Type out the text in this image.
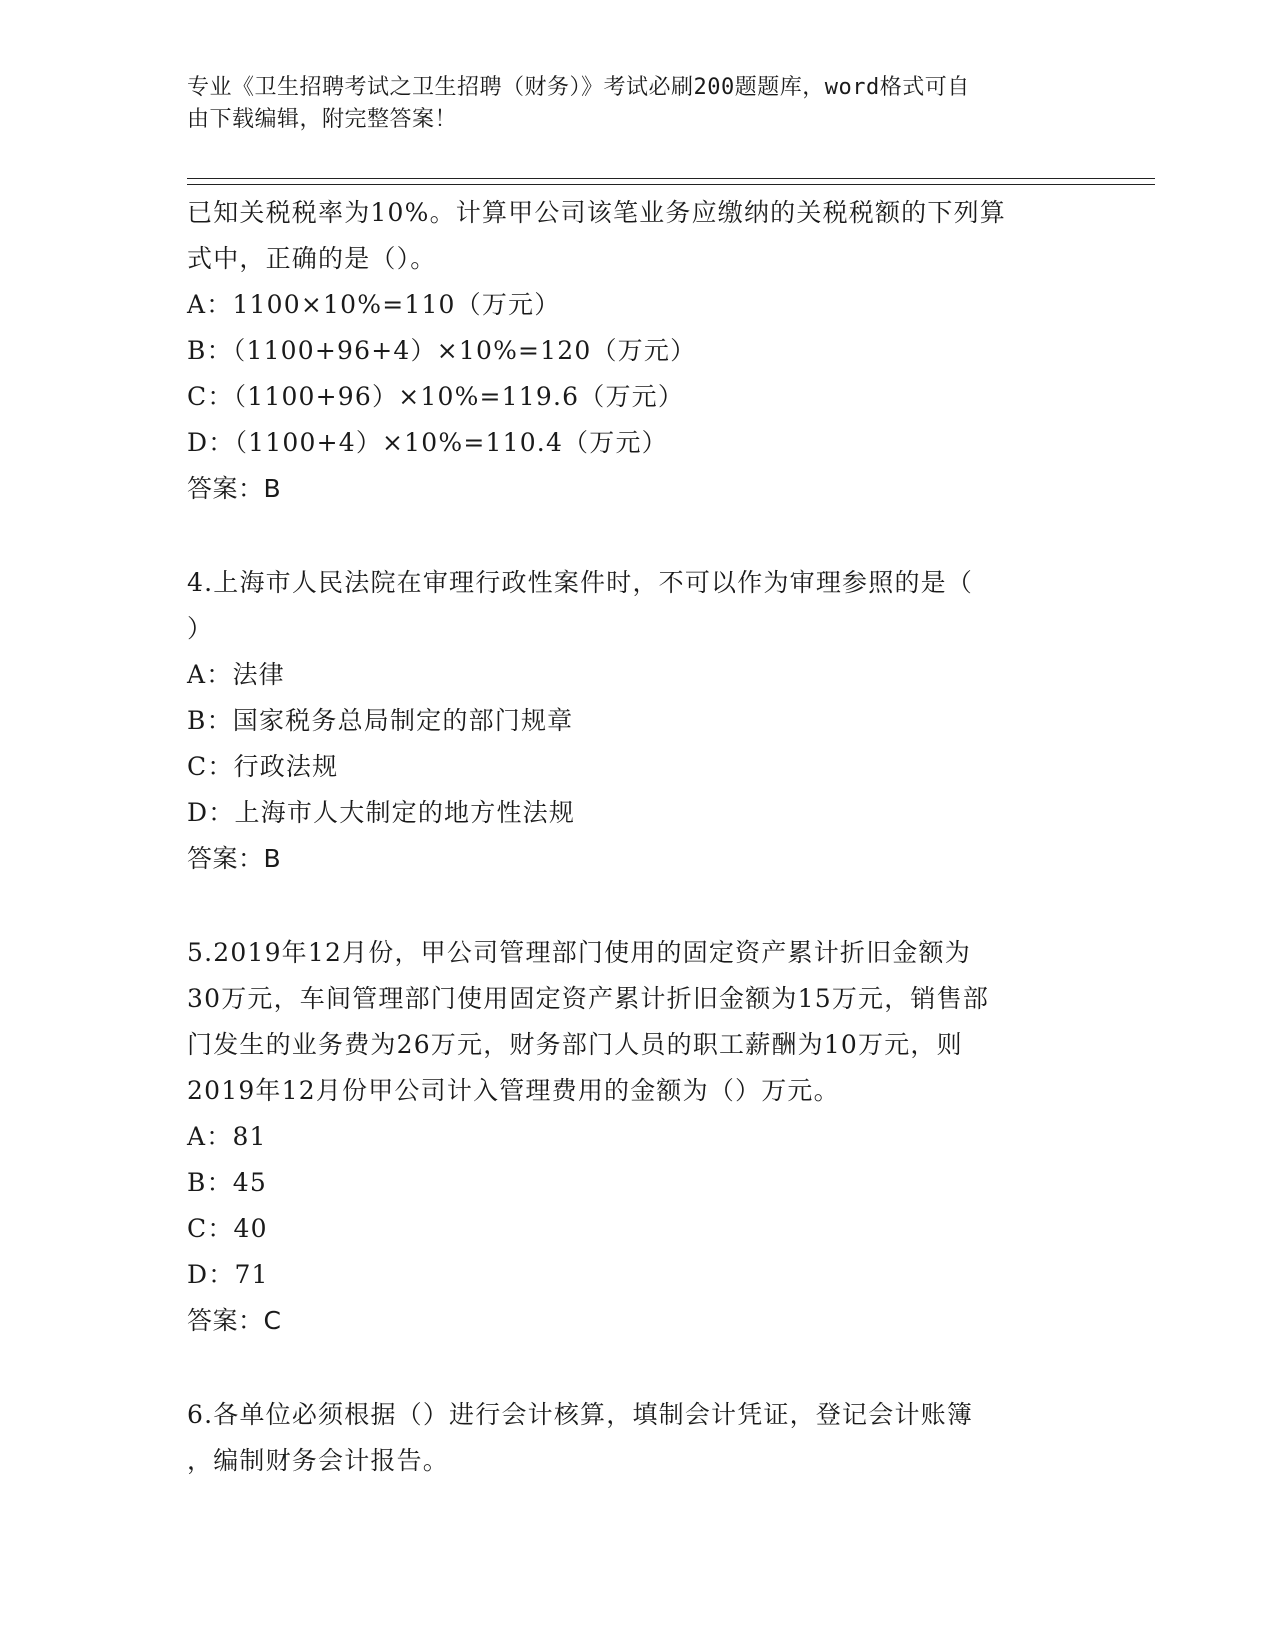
专业《卫生招聘考试之卫生招聘（财务）》考试必刷200题题库，word格式可自
由下载编辑，附完整答案！
已知关税税率为10%。计算甲公司该笔业务应缴纳的关税税额的下列算
式中，正确的是（）。
A：1100×10%=110（万元）
B：（1100+96+4）×10%=120（万元）
C：（1100+96）×10%=119.6（万元）
D：（1100+4）×10%=110.4（万元）
答案：B
4.上海市人民法院在审理行政性案件时，不可以作为审理参照的是（
）
A：法律
B：国家税务总局制定的部门规章
C：行政法规
D：上海市人大制定的地方性法规
答案：B
5.2019年12月份，甲公司管理部门使用的固定资产累计折旧金额为
30万元，车间管理部门使用固定资产累计折旧金额为15万元，销售部
门发生的业务费为26万元，财务部门人员的职工薪酬为10万元，则
2019年12月份甲公司计入管理费用的金额为（）万元。
A：81
B：45
C：40
D：71
答案：C
6.各单位必须根据（）进行会计核算，填制会计凭证，登记会计账簿
，编制财务会计报告。
